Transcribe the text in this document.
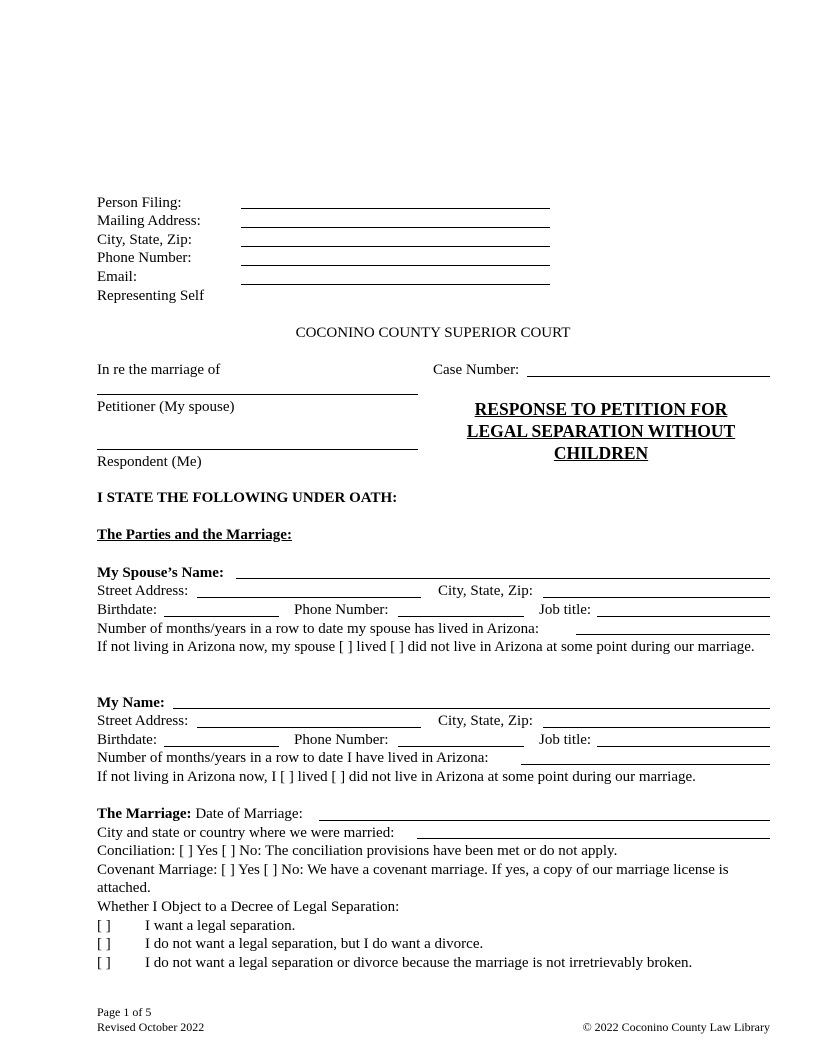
Person Filing:
Mailing Address:
City, State, Zip:
Phone Number:
Email:
Representing Self
COCONINO COUNTY SUPERIOR COURT
In re the marriage of	Case Number:
Petitioner (My spouse)
Respondent (Me)
RESPONSE TO PETITION FOR
LEGAL SEPARATION WITHOUT
CHILDREN
I STATE THE FOLLOWING UNDER OATH:
The Parties and the Marriage:
My Spouse’s Name:
Street Address:	City, State, Zip:
Birthdate:	Phone Number:	Job title:
Number of months/years in a row to date my spouse has lived in Arizona:
If not living in Arizona now, my spouse [ ] lived [ ] did not live in Arizona at some point during our marriage.
My Name:
Street Address:	City, State, Zip:
Birthdate:	Phone Number:	Job title:
Number of months/years in a row to date I have lived in Arizona:
If not living in Arizona now, I [ ] lived [ ] did not live in Arizona at some point during our marriage.
The Marriage: Date of Marriage:
City and state or country where we were married:
Conciliation: [ ] Yes [ ] No: The conciliation provisions have been met or do not apply.
Covenant Marriage: [ ] Yes [ ] No: We have a covenant marriage. If yes, a copy of our marriage license is attached.
Whether I Object to a Decree of Legal Separation:
[ ] I want a legal separation.
[ ] I do not want a legal separation, but I do want a divorce.
[ ] I do not want a legal separation or divorce because the marriage is not irretrievably broken.
Page 1 of 5
Revised October 2022	© 2022 Coconino County Law Library
